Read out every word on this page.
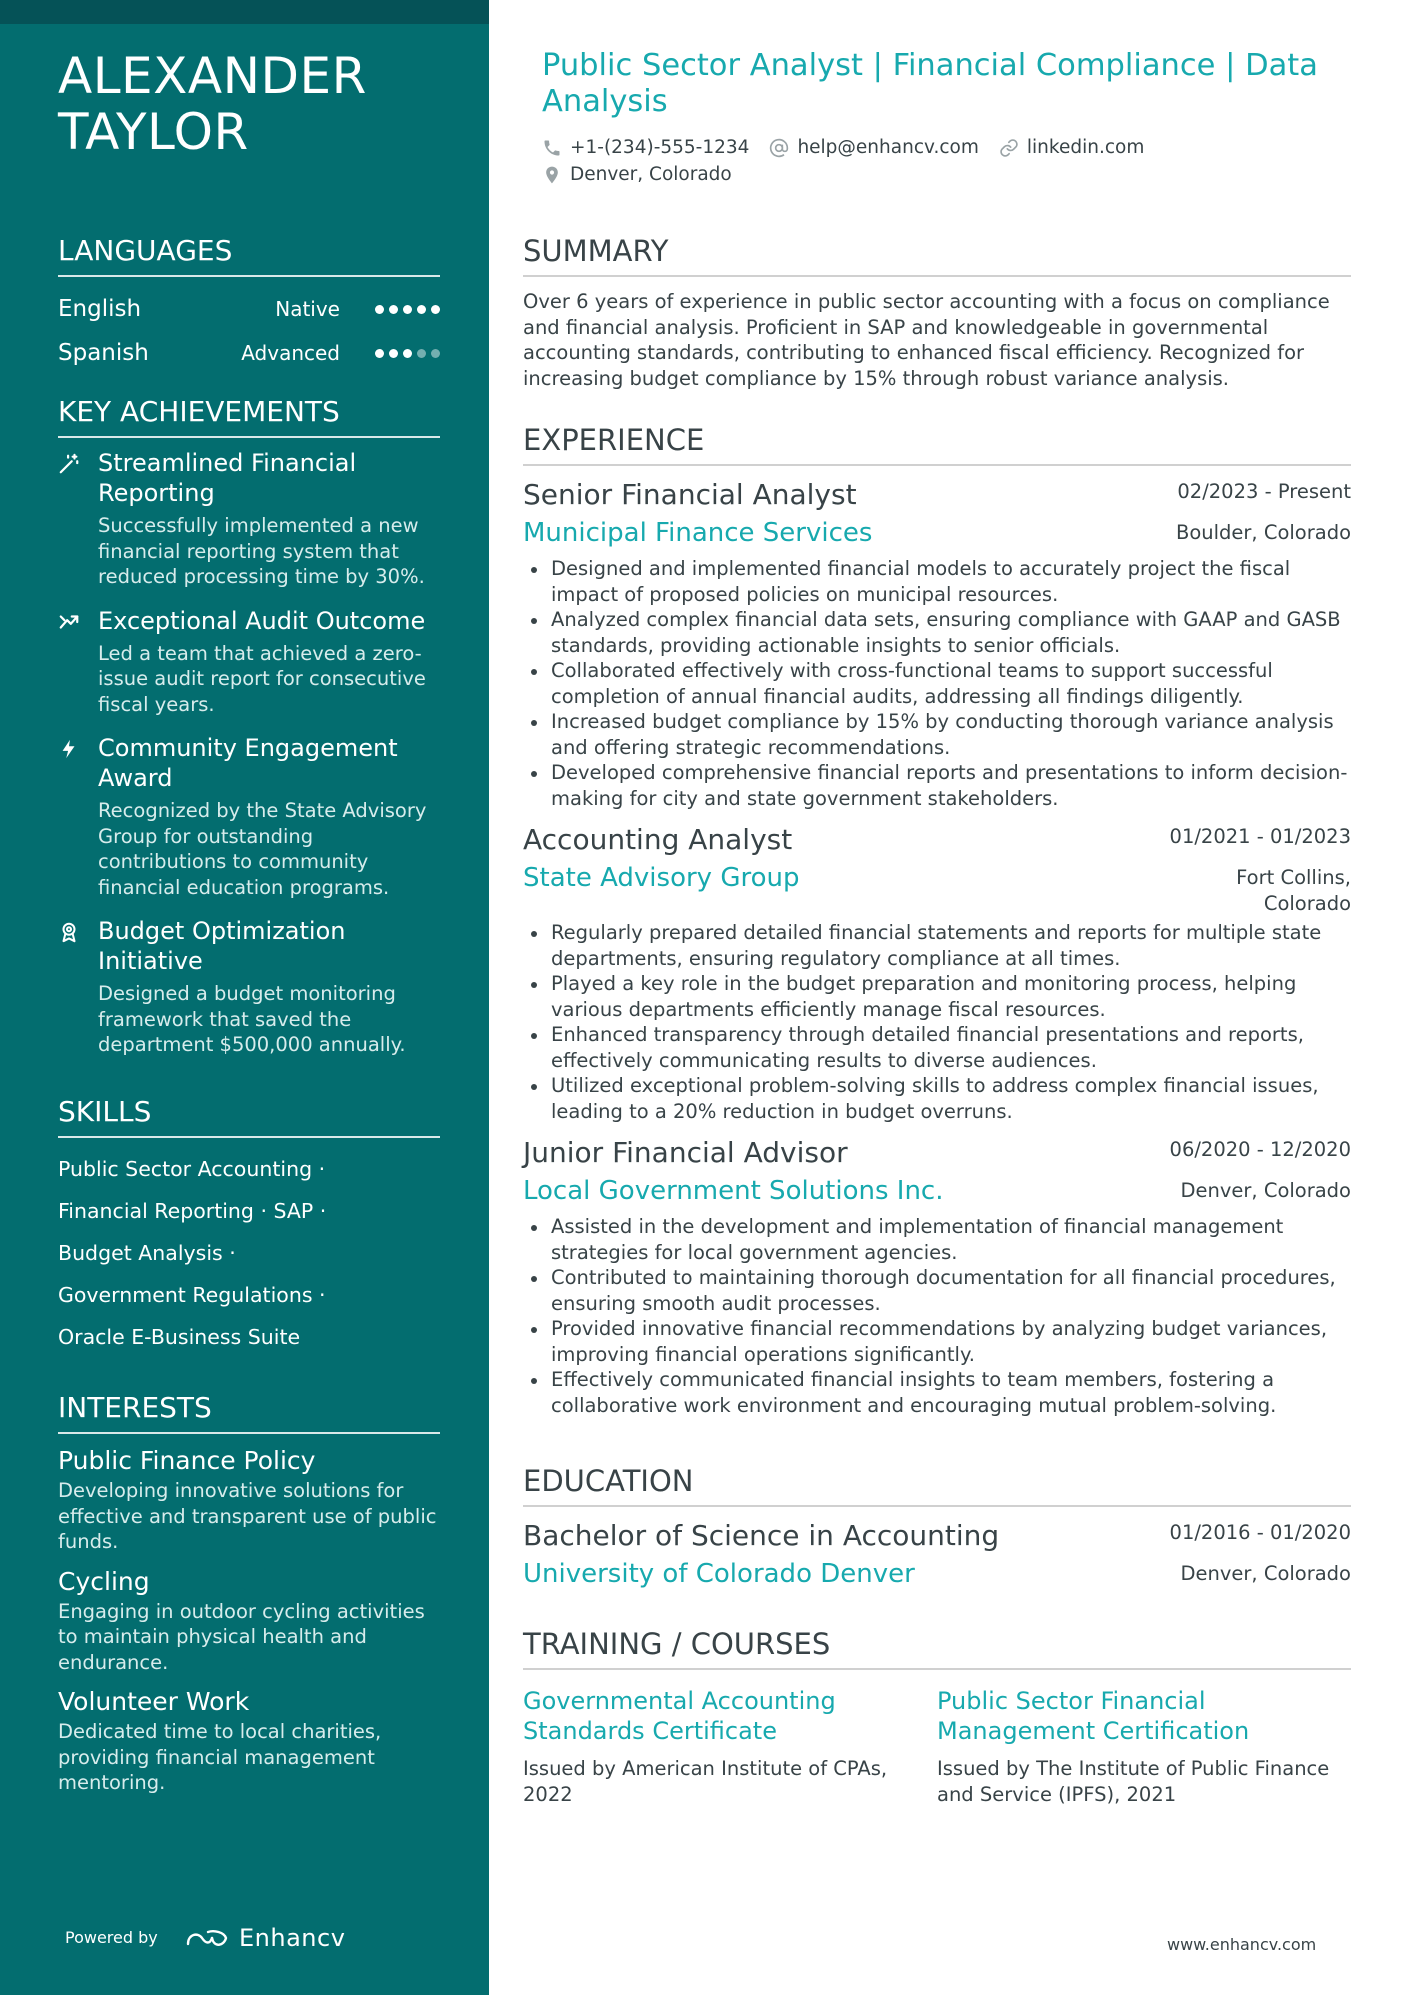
ALEXANDER TAYLOR
LANGUAGES
English	Native
Spanish	Advanced
KEY ACHIEVEMENTS
Streamlined Financial Reporting
Successfully implemented a new financial reporting system that reduced processing time by 30%.
Exceptional Audit Outcome
Led a team that achieved a zero-issue audit report for consecutive fiscal years.
Community Engagement Award
Recognized by the State Advisory Group for outstanding contributions to community financial education programs.
Budget Optimization Initiative
Designed a budget monitoring framework that saved the department $500,000 annually.
SKILLS
Public Sector Accounting ·
Financial Reporting · SAP ·
Budget Analysis ·
Government Regulations ·
Oracle E-Business Suite
INTERESTS
Public Finance Policy
Developing innovative solutions for effective and transparent use of public funds.
Cycling
Engaging in outdoor cycling activities to maintain physical health and endurance.
Volunteer Work
Dedicated time to local charities, providing financial management mentoring.
Powered by	Enhancv
Public Sector Analyst | Financial Compliance | Data Analysis
+1-(234)-555-1234	help@enhancv.com	linkedin.com
Denver, Colorado
SUMMARY
Over 6 years of experience in public sector accounting with a focus on compliance and financial analysis. Proficient in SAP and knowledgeable in governmental accounting standards, contributing to enhanced fiscal efficiency. Recognized for increasing budget compliance by 15% through robust variance analysis.
EXPERIENCE
Senior Financial Analyst	02/2023 - Present
Municipal Finance Services	Boulder, Colorado
Designed and implemented financial models to accurately project the fiscal impact of proposed policies on municipal resources.
Analyzed complex financial data sets, ensuring compliance with GAAP and GASB standards, providing actionable insights to senior officials.
Collaborated effectively with cross-functional teams to support successful completion of annual financial audits, addressing all findings diligently.
Increased budget compliance by 15% by conducting thorough variance analysis and offering strategic recommendations.
Developed comprehensive financial reports and presentations to inform decision-making for city and state government stakeholders.
Accounting Analyst	01/2021 - 01/2023
State Advisory Group	Fort Collins, Colorado
Regularly prepared detailed financial statements and reports for multiple state departments, ensuring regulatory compliance at all times.
Played a key role in the budget preparation and monitoring process, helping various departments efficiently manage fiscal resources.
Enhanced transparency through detailed financial presentations and reports, effectively communicating results to diverse audiences.
Utilized exceptional problem-solving skills to address complex financial issues, leading to a 20% reduction in budget overruns.
Junior Financial Advisor	06/2020 - 12/2020
Local Government Solutions Inc.	Denver, Colorado
Assisted in the development and implementation of financial management strategies for local government agencies.
Contributed to maintaining thorough documentation for all financial procedures, ensuring smooth audit processes.
Provided innovative financial recommendations by analyzing budget variances, improving financial operations significantly.
Effectively communicated financial insights to team members, fostering a collaborative work environment and encouraging mutual problem-solving.
EDUCATION
Bachelor of Science in Accounting	01/2016 - 01/2020
University of Colorado Denver	Denver, Colorado
TRAINING / COURSES
Governmental Accounting Standards Certificate
Issued by American Institute of CPAs, 2022
Public Sector Financial Management Certification
Issued by The Institute of Public Finance and Service (IPFS), 2021
www.enhancv.com
